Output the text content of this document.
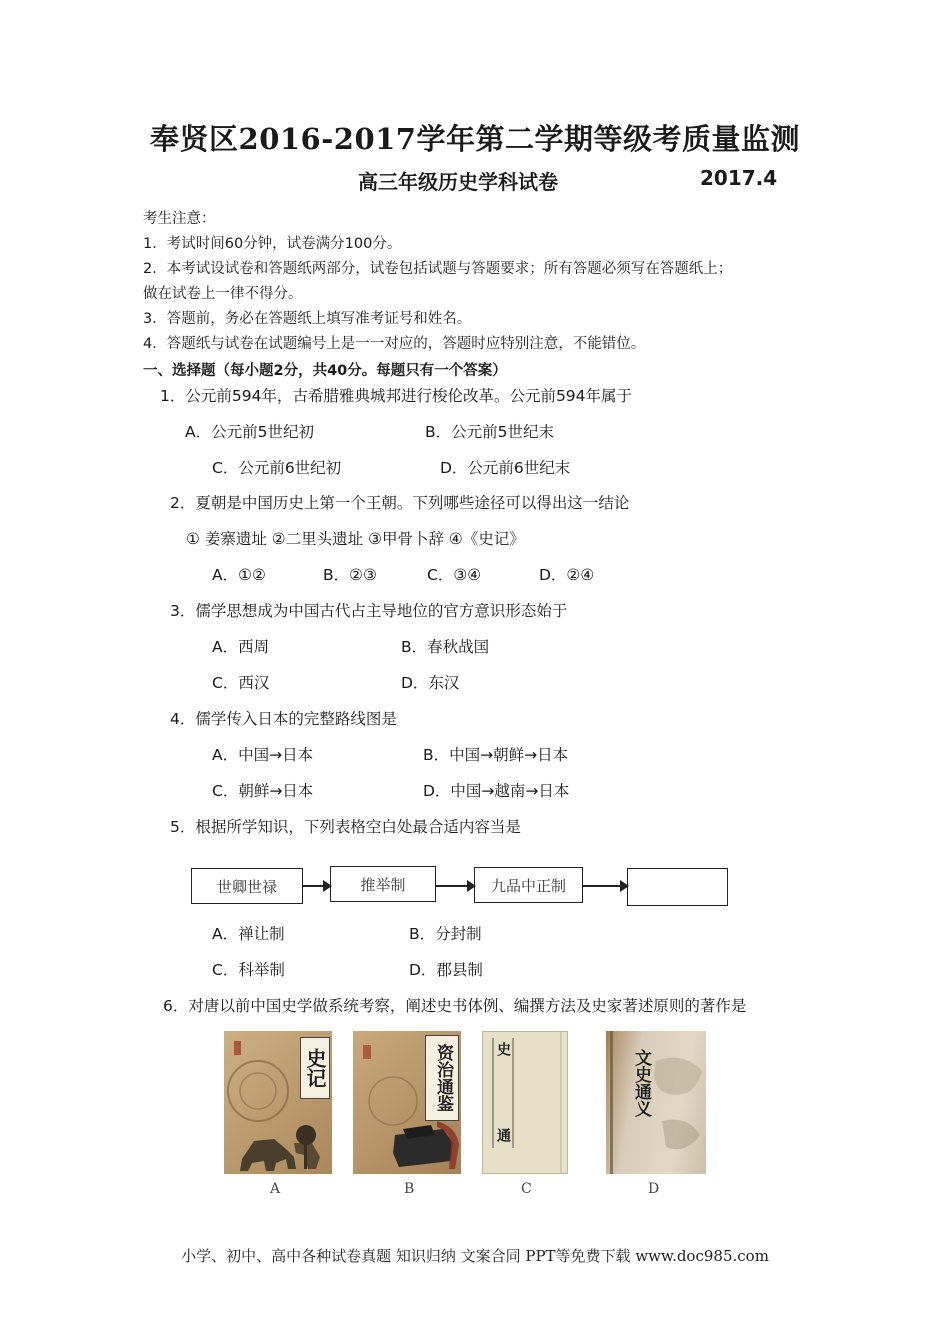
奉贤区2016-2017学年第二学期等级考质量监测
高三年级历史学科试卷	2017.4
考生注意：
1．考试时间60分钟，试卷满分100分。
2．本考试设试卷和答题纸两部分，试卷包括试题与答题要求；所有答题必须写在答题纸上；
做在试卷上一律不得分。
3．答题前，务必在答题纸上填写准考证号和姓名。
4．答题纸与试卷在试题编号上是一一对应的，答题时应特别注意，不能错位。
一、选择题（每小题2分，共40分。每题只有一个答案）
1．公元前594年，古希腊雅典城邦进行梭伦改革。公元前594年属于
A．公元前5世纪初	B．公元前5世纪末
C．公元前6世纪初	D．公元前6世纪末
2．夏朝是中国历史上第一个王朝。下列哪些途径可以得出这一结论
① 姜寨遗址 ②二里头遗址 ③甲骨卜辞 ④《史记》
A．①②	B．②③	C．③④	D．②④
3．儒学思想成为中国古代占主导地位的官方意识形态始于
A．西周	B．春秋战国
C．西汉	D．东汉
4．儒学传入日本的完整路线图是
A．中国→日本	B．中国→朝鲜→日本
C．朝鲜→日本	D．中国→越南→日本
5．根据所学知识，下列表格空白处最合适内容当是
世卿世禄	推举制	九品中正制
A．禅让制	B．分封制
C．科举制	D．郡县制
6．对唐以前中国史学做系统考察，阐述史书体例、编撰方法及史家著述原则的著作是
史记
A
资治通鉴
B
史
通
C
文史通义
D
小学、初中、高中各种试卷真题 知识归纳 文案合同 PPT等免费下载 www.doc985.com
